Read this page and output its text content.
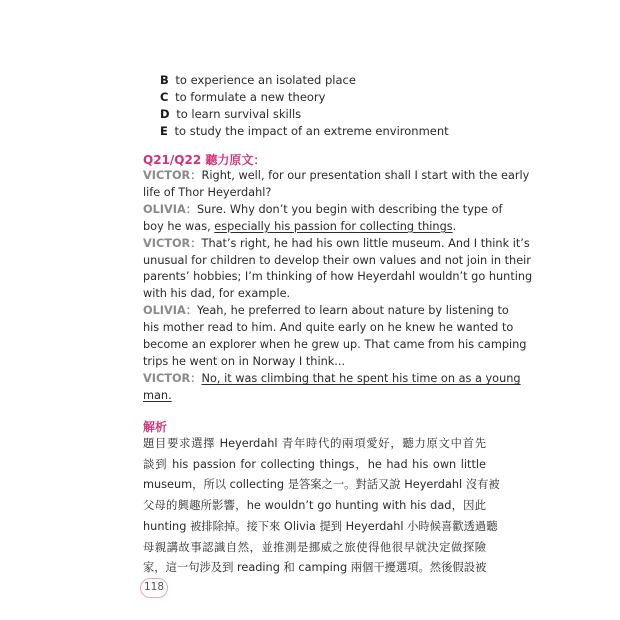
B to experience an isolated place
C to formulate a new theory
D to learn survival skills
E to study the impact of an extreme environment
Q21/Q22 聽力原文：
VICTOR：Right, well, for our presentation shall I start with the early
life of Thor Heyerdahl?
OLIVIA：Sure. Why don’t you begin with describing the type of
boy he was, especially his passion for collecting things.
VICTOR：That’s right, he had his own little museum. And I think it’s
unusual for children to develop their own values and not join in their
parents’ hobbies; I’m thinking of how Heyerdahl wouldn’t go hunting
with his dad, for example.
OLIVIA：Yeah, he preferred to learn about nature by listening to
his mother read to him. And quite early on he knew he wanted to
become an explorer when he grew up. That came from his camping
trips he went on in Norway I think...
VICTOR：No, it was climbing that he spent his time on as a young
man.
解析
題目要求選擇 Heyerdahl 青年時代的兩項愛好，聽力原文中首先
談到 his passion for collecting things，he had his own little
museum，所以 collecting 是答案之一。對話又說 Heyerdahl 沒有被
父母的興趣所影響，he wouldn’t go hunting with his dad，因此
hunting 被排除掉。接下來 Olivia 提到 Heyerdahl 小時候喜歡透過聽
母親講故事認識自然，並推測是挪威之旅使得他很早就決定做探險
家，這一句涉及到 reading 和 camping 兩個干擾選項。然後假設被
118
